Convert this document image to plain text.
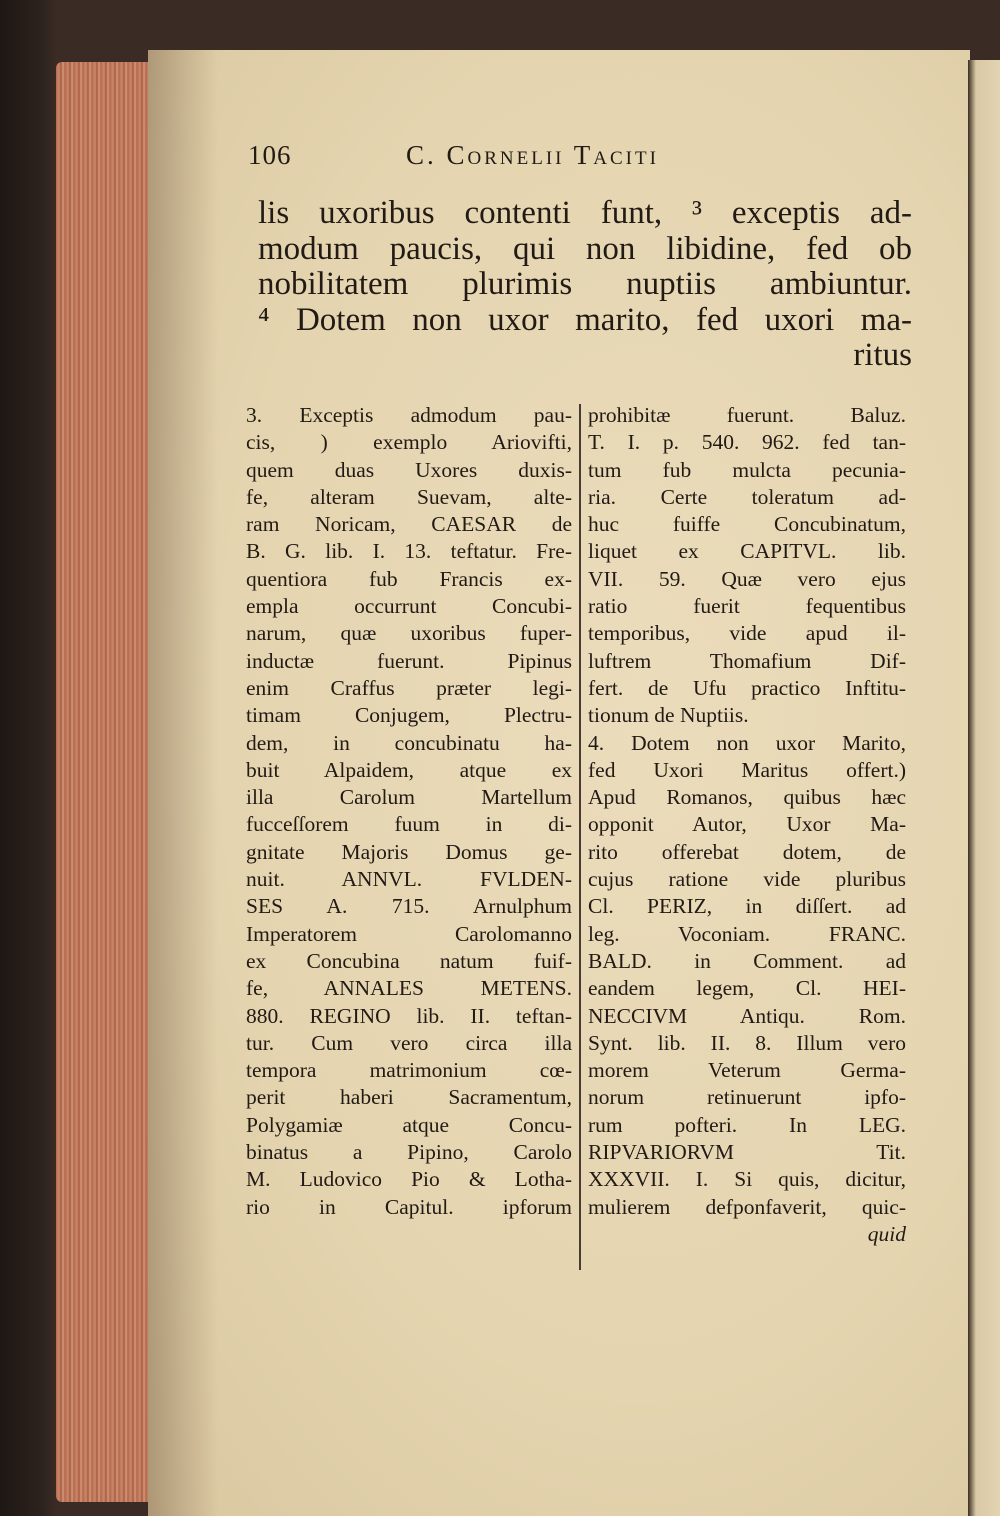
106	C. Cornelii Taciti
lis uxoribus contenti funt, ³ exceptis ad-
modum paucis, qui non libidine, fed ob
nobilitatem plurimis nuptiis ambiuntur.
⁴ Dotem non uxor marito, fed uxori ma-
ritus
3. Exceptis admodum pau-
cis, ) exemplo Ariovifti,
quem duas Uxores duxis-
fe, alteram Suevam, alte-
ram Noricam, CAESAR de
B. G. lib. I. 13. teftatur. Fre-
quentiora fub Francis ex-
empla occurrunt Concubi-
narum, quæ uxoribus fuper-
inductæ fuerunt. Pipinus
enim Craffus præter legi-
timam Conjugem, Plectru-
dem, in concubinatu ha-
buit Alpaidem, atque ex
illa Carolum Martellum
fucceſſorem fuum in di-
gnitate Majoris Domus ge-
nuit. ANNVL. FVLDEN-
SES A. 715. Arnulphum
Imperatorem Carolomanno
ex Concubina natum fuif-
fe, ANNALES METENS.
880. REGINO lib. II. teftan-
tur. Cum vero circa illa
tempora matrimonium cœ-
perit haberi Sacramentum,
Polygamiæ atque Concu-
binatus a Pipino, Carolo
M. Ludovico Pio & Lotha-
rio in Capitul. ipforum
prohibitæ fuerunt. Baluz.
T. I. p. 540. 962. fed tan-
tum fub mulcta pecunia-
ria. Certe toleratum ad-
huc fuiffe Concubinatum,
liquet ex CAPITVL. lib.
VII. 59. Quæ vero ejus
ratio fuerit fequentibus
temporibus, vide apud il-
luftrem Thomafium Dif-
fert. de Ufu practico Inftitu-
tionum de Nuptiis.
4. Dotem non uxor Marito,
fed Uxori Maritus offert.)
Apud Romanos, quibus hæc
opponit Autor, Uxor Ma-
rito offerebat dotem, de
cujus ratione vide pluribus
Cl. PERIZ, in diſſert. ad
leg. Voconiam. FRANC.
BALD. in Comment. ad
eandem legem, Cl. HEI-
NECCIVM Antiqu. Rom.
Synt. lib. II. 8. Illum vero
morem Veterum Germa-
norum retinuerunt ipfo-
rum pofteri. In LEG.
RIPVARIORVM Tit.
XXXVII. I. Si quis, dicitur,
mulierem defponfaverit, quic-
quid
